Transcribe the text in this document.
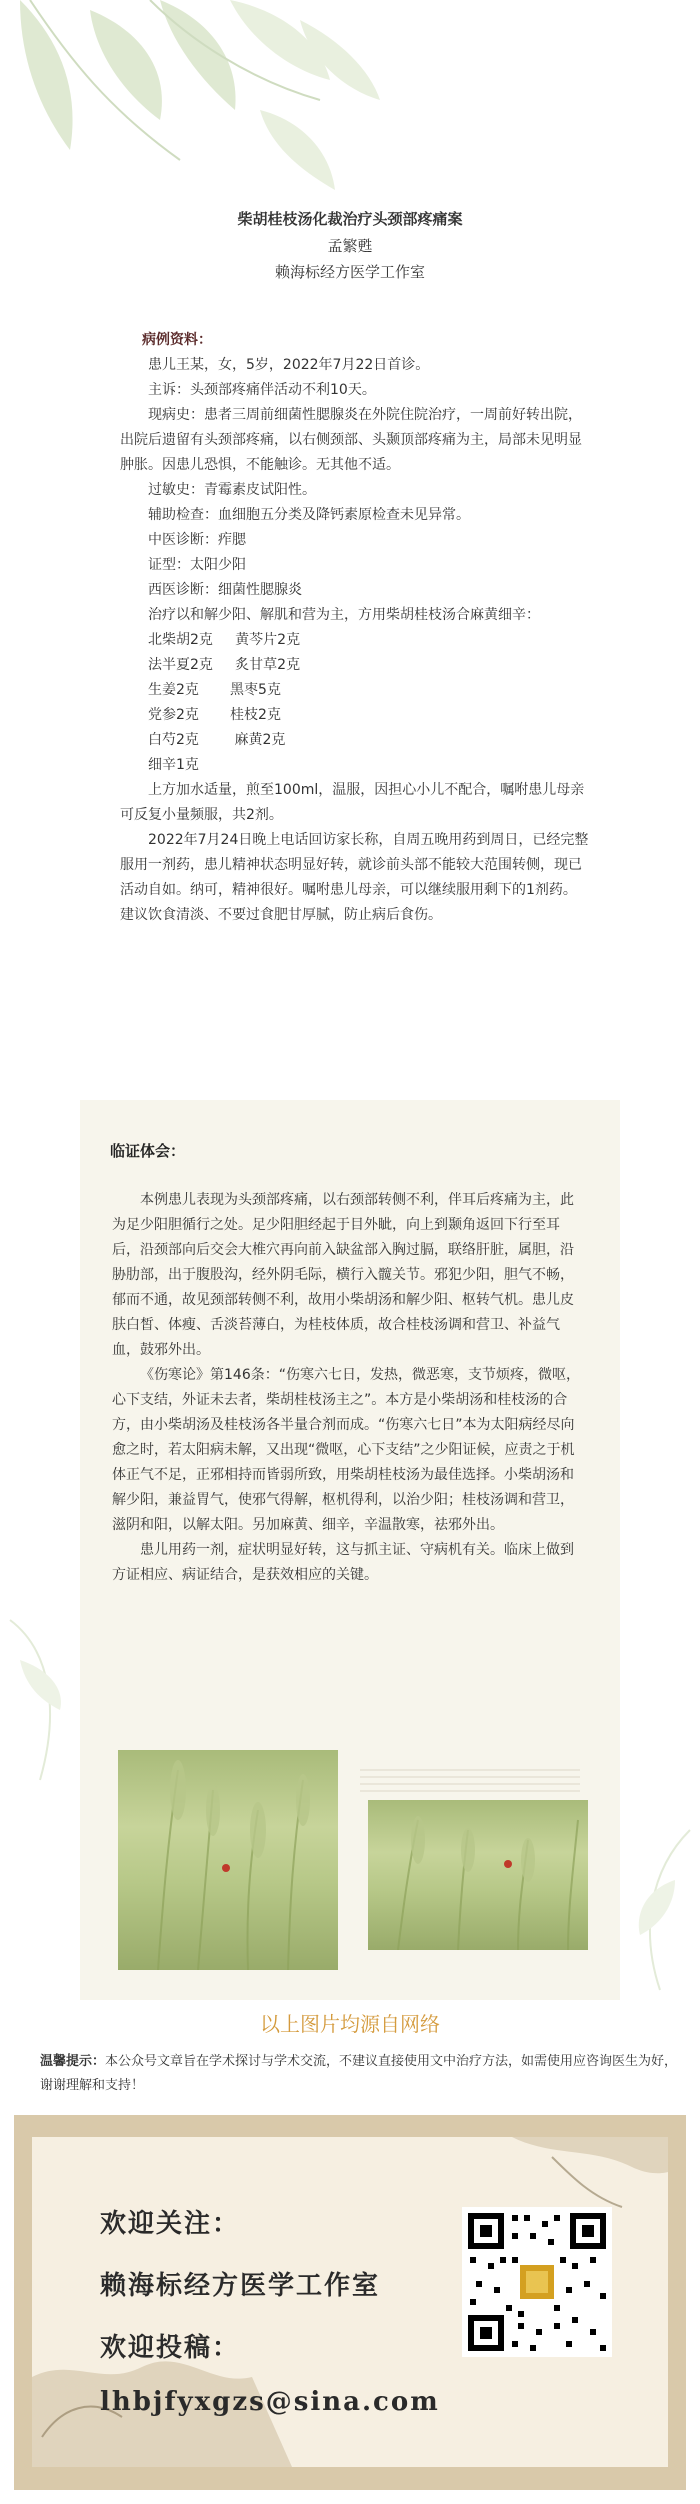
柴胡桂枝汤化裁治疗头颈部疼痛案
孟繁甦
赖海标经方医学工作室

病例资料：

患儿王某，女，5岁，2022年7月22日首诊。

主诉：头颈部疼痛伴活动不利10天。

现病史：患者三周前细菌性腮腺炎在外院住院治疗，一周前好转出院，出院后遗留有头颈部疼痛，以右侧颈部、头颞顶部疼痛为主，局部未见明显肿胀。因患儿恐惧，不能触诊。无其他不适。

过敏史：青霉素皮试阳性。

辅助检查：血细胞五分类及降钙素原检查未见异常。

中医诊断：痄腮

证型：太阳少阳

西医诊断：细菌性腮腺炎

治疗以和解少阳、解肌和营为主，方用柴胡桂枝汤合麻黄细辛：

北柴胡2克     黄芩片2克

法半夏2克     炙甘草2克

生姜2克       黑枣5克

党参2克       桂枝2克

白芍2克        麻黄2克

细辛1克

上方加水适量，煎至100ml，温服，因担心小儿不配合，嘱咐患儿母亲可反复小量频服，共2剂。

2022年7月24日晚上电话回访家长称，自周五晚用药到周日，已经完整服用一剂药，患儿精神状态明显好转，就诊前头部不能较大范围转侧，现已活动自如。纳可，精神很好。嘱咐患儿母亲，可以继续服用剩下的1剂药。建议饮食清淡、不要过食肥甘厚腻，防止病后食伤。

临证体会：

本例患儿表现为头颈部疼痛，以右颈部转侧不利，伴耳后疼痛为主，此为足少阳胆循行之处。足少阳胆经起于目外眦，向上到颞角返回下行至耳后，沿颈部向后交会大椎穴再向前入缺盆部入胸过膈，联络肝脏，属胆，沿胁肋部，出于腹股沟，经外阴毛际，横行入髋关节。邪犯少阳，胆气不畅，郁而不通，故见颈部转侧不利，故用小柴胡汤和解少阳、枢转气机。患儿皮肤白皙、体瘦、舌淡苔薄白，为桂枝体质，故合桂枝汤调和营卫、补益气血，鼓邪外出。

《伤寒论》第146条：“伤寒六七日，发热，微恶寒，支节烦疼，微呕，心下支结，外证未去者，柴胡桂枝汤主之”。本方是小柴胡汤和桂枝汤的合方，由小柴胡汤及桂枝汤各半量合剂而成。“伤寒六七日”本为太阳病经尽向愈之时，若太阳病未解，又出现“微呕，心下支结”之少阳证候，应责之于机体正气不足，正邪相持而皆弱所致，用柴胡桂枝汤为最佳选择。小柴胡汤和解少阳，兼益胃气，使邪气得解，枢机得利，以治少阳；桂枝汤调和营卫，滋阴和阳，以解太阳。另加麻黄、细辛，辛温散寒，祛邪外出。

患儿用药一剂，症状明显好转，这与抓主证、守病机有关。临床上做到方证相应、病证结合，是获效相应的关键。

以上图片均源自网络
温馨提示：本公众号文章旨在学术探讨与学术交流，不建议直接使用文中治疗方法，如需使用应咨询医生为好，谢谢理解和支持！
欢迎关注：
赖海标经方医学工作室
欢迎投稿：
lhbjfyxgzs@sina.com
